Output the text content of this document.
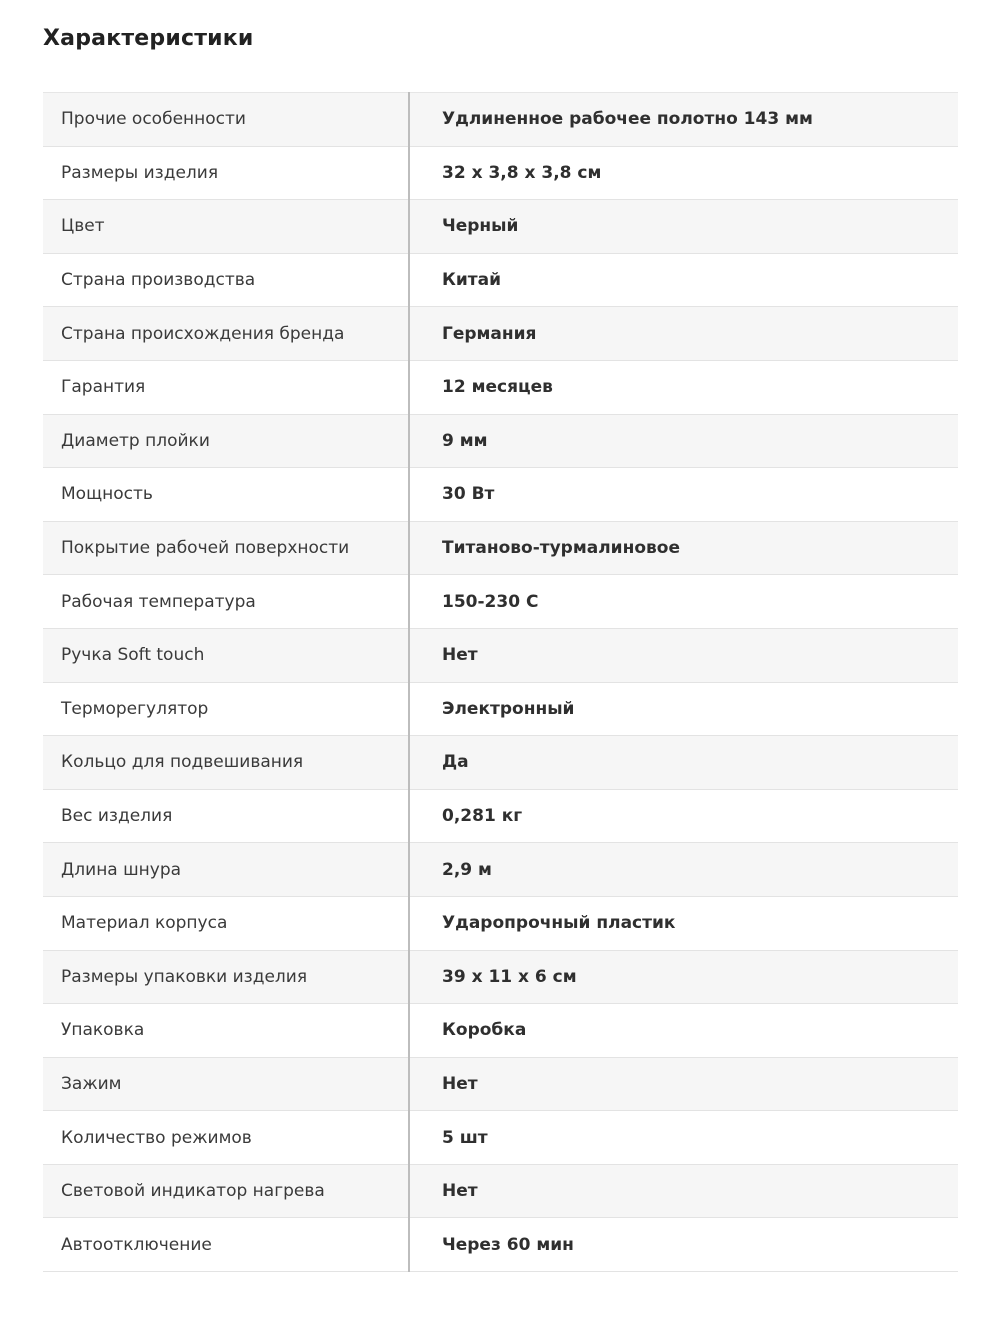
Характеристики
Прочие особенности	Удлиненное рабочее полотно 143 мм
Размеры изделия	32 x 3,8 x 3,8 см
Цвет	Черный
Страна производства	Китай
Страна происхождения бренда	Германия
Гарантия	12 месяцев
Диаметр плойки	9 мм
Мощность	30 Вт
Покрытие рабочей поверхности	Титаново-турмалиновое
Рабочая температура	150-230 С
Ручка Soft touch	Нет
Терморегулятор	Электронный
Кольцо для подвешивания	Да
Вес изделия	0,281 кг
Длина шнура	2,9 м
Материал корпуса	Ударопрочный пластик
Размеры упаковки изделия	39 x 11 x 6 см
Упаковка	Коробка
Зажим	Нет
Количество режимов	5 шт
Световой индикатор нагрева	Нет
Автоотключение	Через 60 мин
